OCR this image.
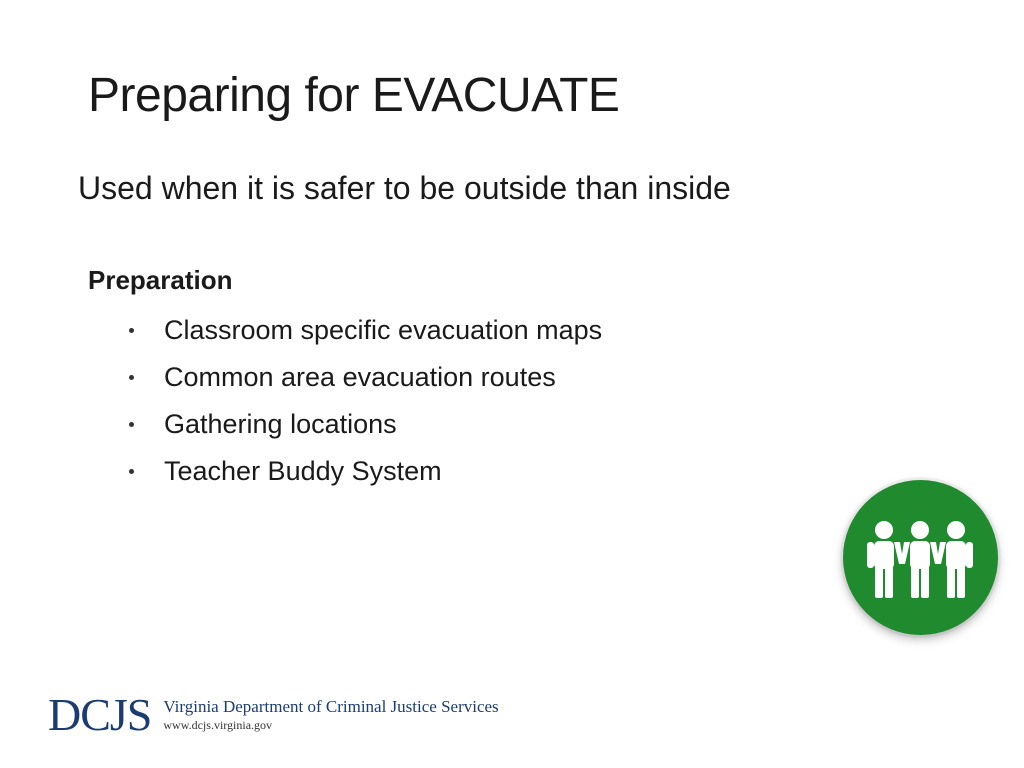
Preparing for EVACUATE
Used when it is safer to be outside than inside
Preparation
Classroom specific evacuation maps
Common area evacuation routes
Gathering locations
Teacher Buddy System
DCJS Virginia Department of Criminal Justice Services
www.dcjs.virginia.gov
